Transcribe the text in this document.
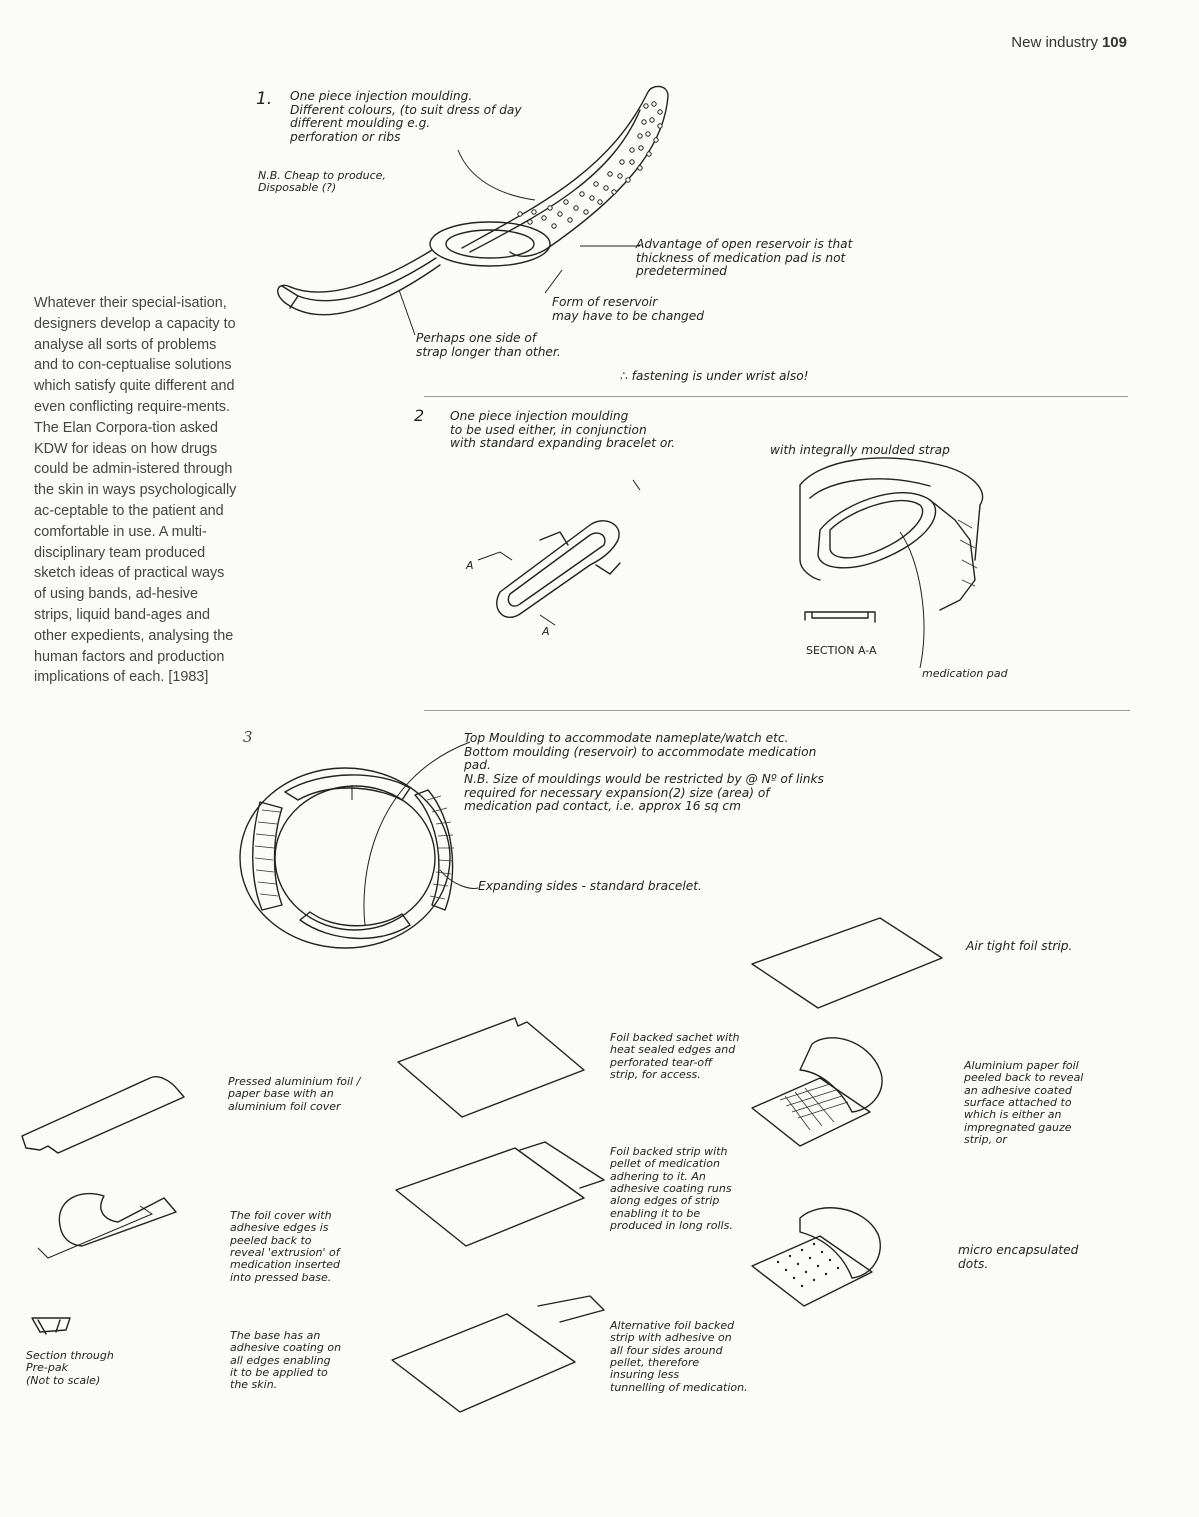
New industry 109
Whatever their special-isation, designers develop a capacity to analyse all sorts of problems and to con-ceptualise solutions which satisfy quite different and even conflicting require-ments. The Elan Corpora-tion asked KDW for ideas on how drugs could be admin-istered through the skin in ways psychologically ac-ceptable to the patient and comfortable in use. A multi-disciplinary team produced sketch ideas of practical ways of using bands, ad-hesive strips, liquid band-ages and other expedients, analysing the human factors and production implications of each. [1983]
3
1. One piece injection moulding.
Different colours, (to suit dress of day
different moulding e.g.
perforation or ribs
N.B. Cheap to produce,
Disposable (?)
Advantage of open reservoir is that
thickness of medication pad is not
predetermined
Form of reservoir
may have to be changed
Perhaps one side of
strap longer than other.
∴ fastening is under wrist also!
2 One piece injection moulding
to be used either, in conjunction
with standard expanding bracelet or.	with integrally moulded strap
A
A
SECTION A-A
medication pad
Top Moulding to accommodate nameplate/watch etc.
Bottom moulding (reservoir) to accommodate medication
pad.
N.B. Size of mouldings would be restricted by @ Nº of links
required for necessary expansion(2) size (area) of
medication pad contact, i.e. approx 16 sq cm
Expanding sides - standard bracelet.
Air tight foil strip.
Pressed aluminium foil /
paper base with an
aluminium foil cover
Foil backed sachet with
heat sealed edges and
perforated tear-off
strip, for access.
Aluminium paper foil
peeled back to reveal
an adhesive coated
surface attached to
which is either an
impregnated gauze
strip, or
The foil cover with
adhesive edges is
peeled back to
reveal 'extrusion' of
medication inserted
into pressed base.
Foil backed strip with
pellet of medication
adhering to it. An
adhesive coating runs
along edges of strip
enabling it to be
produced in long rolls.
micro encapsulated
dots.
Section through
Pre-pak
(Not to scale)
The base has an
adhesive coating on
all edges enabling
it to be applied to
the skin.
Alternative foil backed
strip with adhesive on
all four sides around
pellet, therefore
insuring less
tunnelling of medication.
